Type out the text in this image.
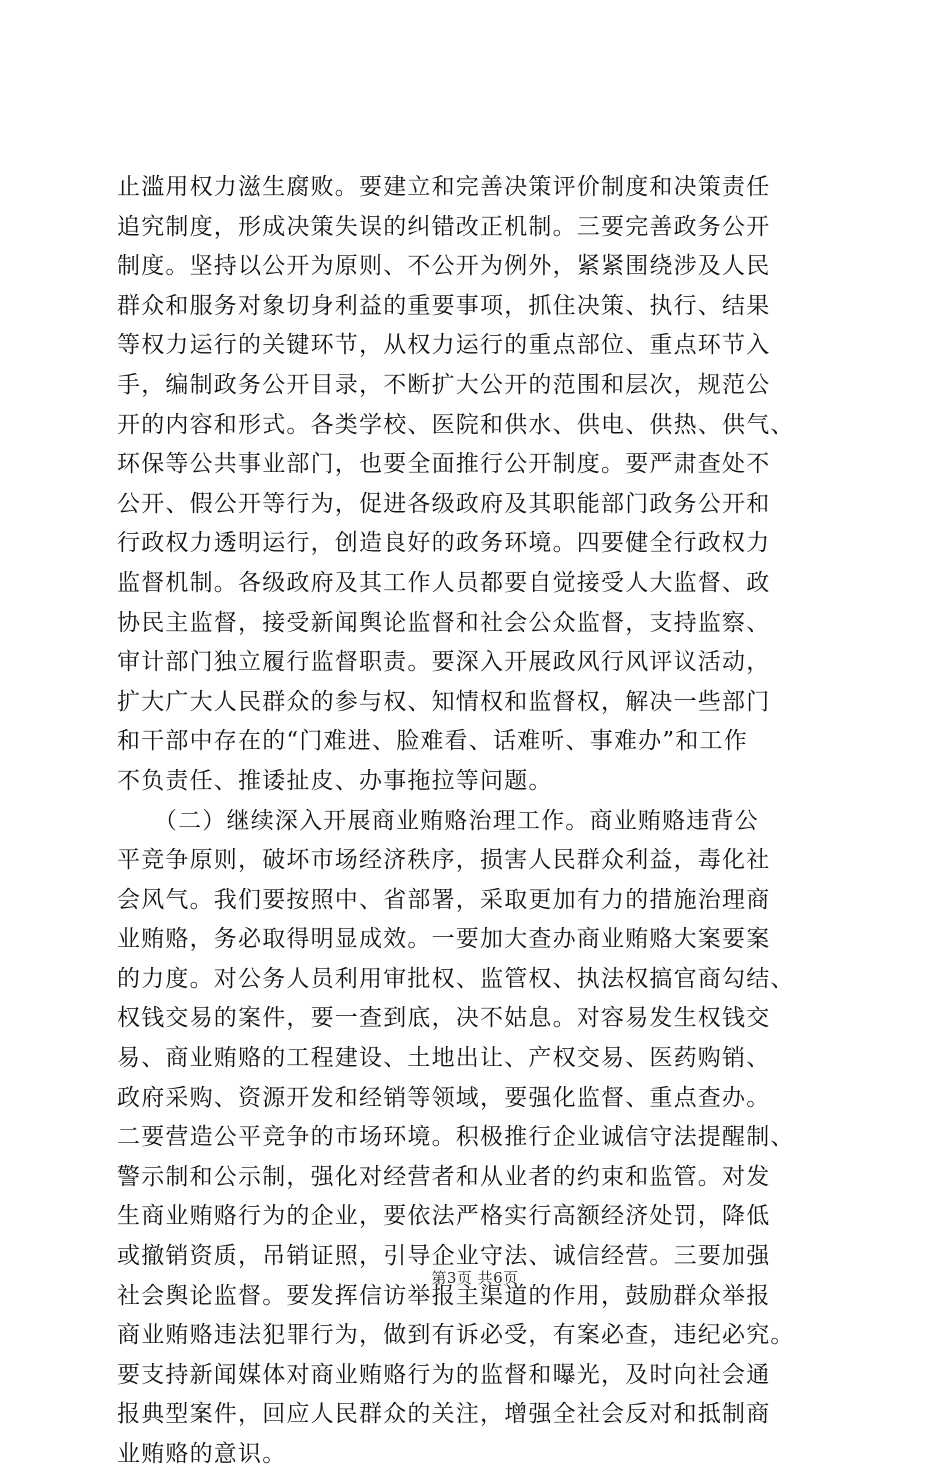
止滥用权力滋生腐败。要建立和完善决策评价制度和决策责任
追究制度，形成决策失误的纠错改正机制。三要完善政务公开
制度。坚持以公开为原则、不公开为例外，紧紧围绕涉及人民
群众和服务对象切身利益的重要事项，抓住决策、执行、结果
等权力运行的关键环节，从权力运行的重点部位、重点环节入
手，编制政务公开目录，不断扩大公开的范围和层次，规范公
开的内容和形式。各类学校、医院和供水、供电、供热、供气、
环保等公共事业部门，也要全面推行公开制度。要严肃查处不
公开、假公开等行为，促进各级政府及其职能部门政务公开和
行政权力透明运行，创造良好的政务环境。四要健全行政权力
监督机制。各级政府及其工作人员都要自觉接受人大监督、政
协民主监督，接受新闻舆论监督和社会公众监督，支持监察、
审计部门独立履行监督职责。要深入开展政风行风评议活动，
扩大广大人民群众的参与权、知情权和监督权，解决一些部门
和干部中存在的“门难进、脸难看、话难听、事难办”和工作
不负责任、推诿扯皮、办事拖拉等问题。
　　（二）继续深入开展商业贿赂治理工作。商业贿赂违背公
平竞争原则，破坏市场经济秩序，损害人民群众利益，毒化社
会风气。我们要按照中、省部署，采取更加有力的措施治理商
业贿赂，务必取得明显成效。一要加大查办商业贿赂大案要案
的力度。对公务人员利用审批权、监管权、执法权搞官商勾结、
权钱交易的案件，要一查到底，决不姑息。对容易发生权钱交
易、商业贿赂的工程建设、土地出让、产权交易、医药购销、
政府采购、资源开发和经销等领域，要强化监督、重点查办。
二要营造公平竞争的市场环境。积极推行企业诚信守法提醒制、
警示制和公示制，强化对经营者和从业者的约束和监管。对发
生商业贿赂行为的企业，要依法严格实行高额经济处罚，降低
或撤销资质，吊销证照，引导企业守法、诚信经营。三要加强
社会舆论监督。要发挥信访举报主渠道的作用，鼓励群众举报
商业贿赂违法犯罪行为，做到有诉必受，有案必查，违纪必究。
要支持新闻媒体对商业贿赂行为的监督和曝光，及时向社会通
报典型案件，回应人民群众的关注，增强全社会反对和抵制商
业贿赂的意识。
第3页 共6页
